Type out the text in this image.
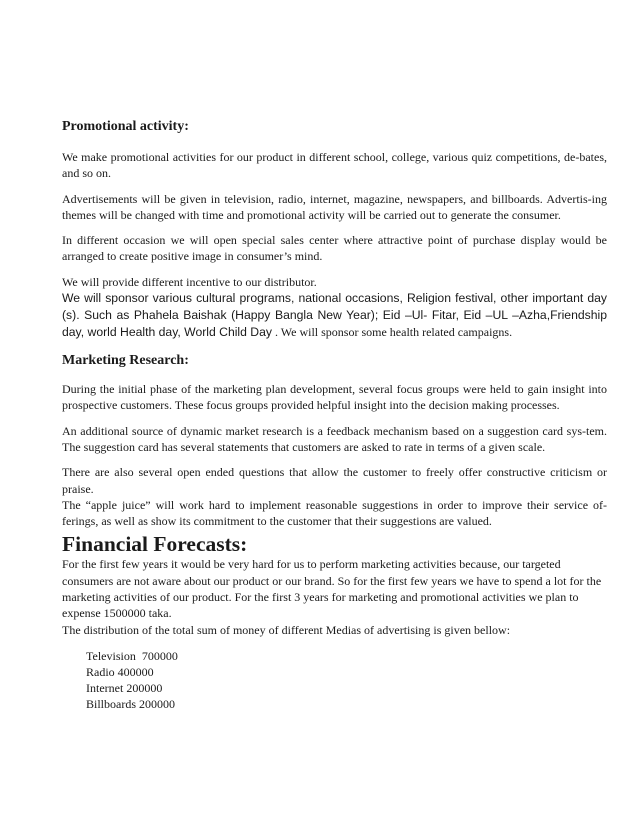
Promotional activity:

We make promotional activities for our product in different school, college, various quiz competitions, de-bates, and so on.

Advertisements will be given in television, radio, internet, magazine, newspapers, and billboards. Advertis-ing themes will be changed with time and promotional activity will be carried out to generate the consumer.

In different occasion we will open special sales center where attractive point of purchase display would be arranged to create positive image in consumer’s mind.

We will provide different incentive to our distributor.

We will sponsor various cultural programs, national occasions, Religion festival, other important day (s). Such as Phahela Baishak (Happy Bangla New Year); Eid –Ul- Fitar, Eid –UL –Azha,Friendship day, world Health day, World Child Day . We will sponsor some health related campaigns.

Marketing Research:

During the initial phase of the marketing plan development, several focus groups were held to gain insight into prospective customers. These focus groups provided helpful insight into the decision making processes.

An additional source of dynamic market research is a feedback mechanism based on a suggestion card sys-tem. The suggestion card has several statements that customers are asked to rate in terms of a given scale.

There are also several open ended questions that allow the customer to freely offer constructive criticism or praise.

The “apple juice” will work hard to implement reasonable suggestions in order to improve their service of-ferings, as well as show its commitment to the customer that their suggestions are valued.

Financial Forecasts:

For the first few years it would be very hard for us to perform marketing activities because, our targeted consumers are not aware about our product or our brand. So for the first few years we have to spend a lot for the marketing activities of our product. For the first 3 years for marketing and promotional activities we plan to expense 1500000 taka.

The distribution of the total sum of money of different Medias of advertising is given bellow:

Television  700000
Radio 400000
Internet 200000
Billboards 200000
